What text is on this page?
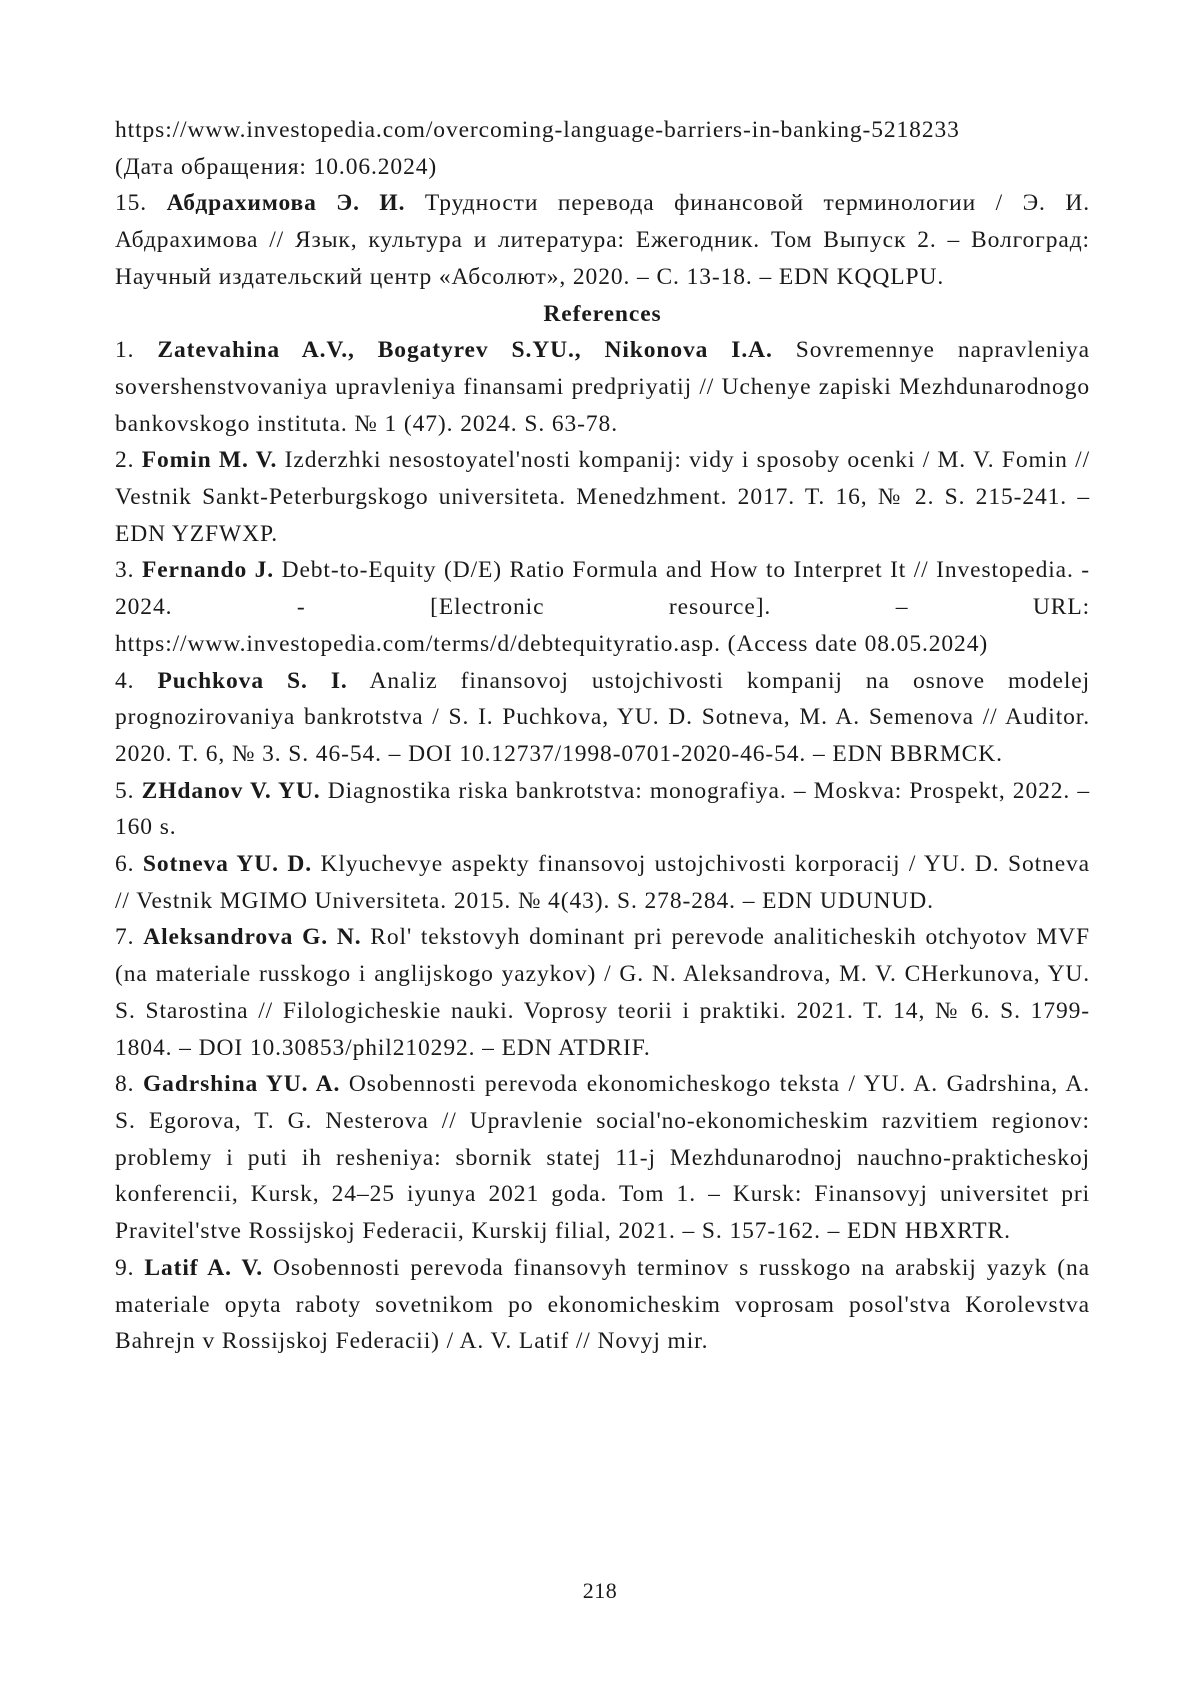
https://www.investopedia.com/overcoming-language-barriers-in-banking-5218233

(Дата обращения: 10.06.2024)

15. Абдрахимова Э. И. Трудности перевода финансовой терминологии / Э. И. Абдрахимова // Язык, культура и литература: Ежегодник. Том Выпуск 2. – Волгоград: Научный издательский центр «Абсолют», 2020. – С. 13-18. – EDN KQQLPU.

References

1. Zatevahina A.V., Bogatyrev S.YU., Nikonova I.A. Sovremennye napravleniya sovershenstvovaniya upravleniya finansami predpriyatij // Uchenye zapiski Mezhdunarodnogo bankovskogo instituta. № 1 (47). 2024. S. 63-78.

2. Fomin M. V. Izderzhki nesostoyatel'nosti kompanij: vidy i sposoby ocenki / M. V. Fomin // Vestnik Sankt-Peterburgskogo universiteta. Menedzhment. 2017. T. 16, № 2. S. 215-241. – EDN YZFWXP.

3. Fernando J. Debt-to-Equity (D/E) Ratio Formula and How to Interpret It // Investopedia. - 2024. - [Electronic resource]. – URL: https://www.investopedia.com/terms/d/debtequityratio.asp. (Access date 08.05.2024)

4. Puchkova S. I. Analiz finansovoj ustojchivosti kompanij na osnove modelej prognozirovaniya bankrotstva / S. I. Puchkova, YU. D. Sotneva, M. A. Semenova // Auditor. 2020. T. 6, № 3. S. 46-54. – DOI 10.12737/1998-0701-2020-46-54. – EDN BBRMCK.

5. ZHdanov V. YU. Diagnostika riska bankrotstva: monografiya. – Moskva: Prospekt, 2022. – 160 s.

6. Sotneva YU. D. Klyuchevye aspekty finansovoj ustojchivosti korporacij / YU. D. Sotneva // Vestnik MGIMO Universiteta. 2015. № 4(43). S. 278-284. – EDN UDUNUD.

7. Aleksandrova G. N. Rol' tekstovyh dominant pri perevode analiticheskih otchyotov MVF (na materiale russkogo i anglijskogo yazykov) / G. N. Aleksandrova, M. V. CHerkunova, YU. S. Starostina // Filologicheskie nauki. Voprosy teorii i praktiki. 2021. T. 14, № 6. S. 1799-1804. – DOI 10.30853/phil210292. – EDN ATDRIF.

8. Gadrshina YU. A. Osobennosti perevoda ekonomicheskogo teksta / YU. A. Gadrshina, A. S. Egorova, T. G. Nesterova // Upravlenie social'no-ekonomicheskim razvitiem regionov: problemy i puti ih resheniya: sbornik statej 11-j Mezhdunarodnoj nauchno-prakticheskoj konferencii, Kursk, 24–25 iyunya 2021 goda. Tom 1. – Kursk: Finansovyj universitet pri Pravitel'stve Rossijskoj Federacii, Kurskij filial, 2021. – S. 157-162. – EDN HBXRTR.

9. Latif A. V. Osobennosti perevoda finansovyh terminov s russkogo na arabskij yazyk (na materiale opyta raboty sovetnikom po ekonomicheskim voprosam posol'stva Korolevstva Bahrejn v Rossijskoj Federacii) / A. V. Latif // Novyj mir.

218
